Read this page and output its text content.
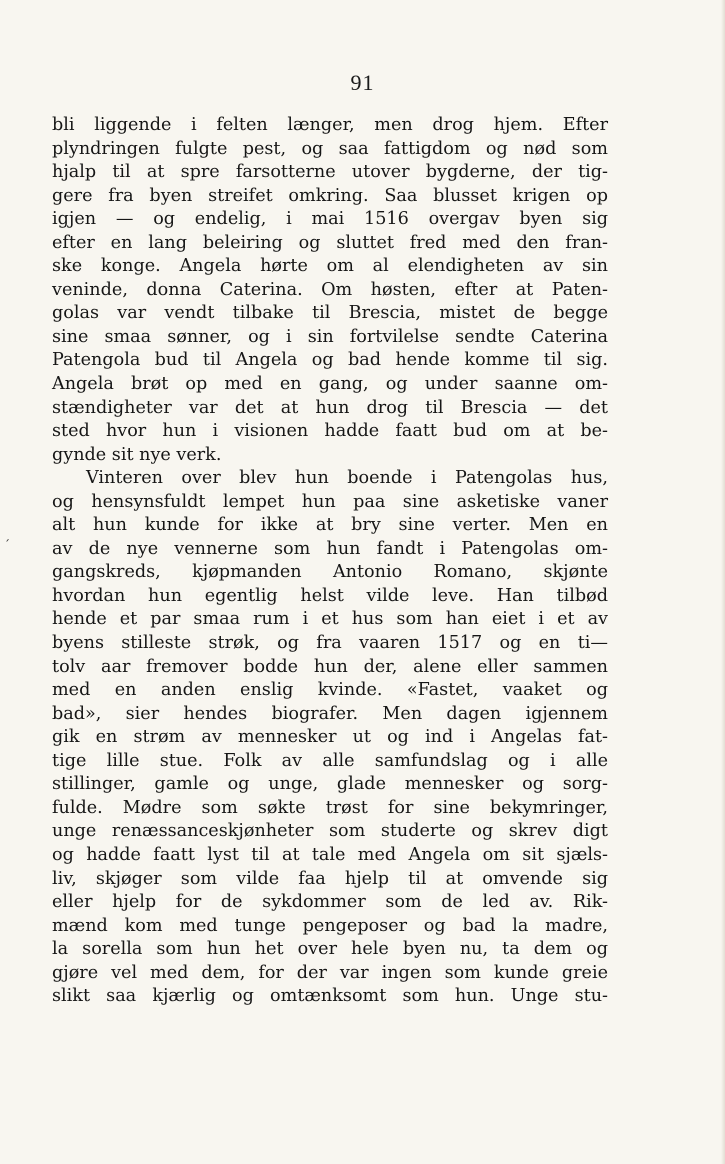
91
ˊ
bli liggende i felten længer, men drog hjem. Efter
plyndringen fulgte pest, og saa fattigdom og nød som
hjalp til at spre farsotterne utover bygderne, der tig-
gere fra byen streifet omkring. Saa blusset krigen op
igjen — og endelig, i mai 1516 overgav byen sig
efter en lang beleiring og sluttet fred med den fran-
ske konge. Angela hørte om al elendigheten av sin
veninde, donna Caterina. Om høsten, efter at Paten-
golas var vendt tilbake til Brescia, mistet de begge
sine smaa sønner, og i sin fortvilelse sendte Caterina
Patengola bud til Angela og bad hende komme til sig.
Angela brøt op med en gang, og under saanne om-
stændigheter var det at hun drog til Brescia — det
sted hvor hun i visionen hadde faatt bud om at be-
gynde sit nye verk.
Vinteren over blev hun boende i Patengolas hus,
og hensynsfuldt lempet hun paa sine asketiske vaner
alt hun kunde for ikke at bry sine verter. Men en
av de nye vennerne som hun fandt i Patengolas om-
gangskreds, kjøpmanden Antonio Romano, skjønte
hvordan hun egentlig helst vilde leve. Han tilbød
hende et par smaa rum i et hus som han eiet i et av
byens stilleste strøk, og fra vaaren 1517 og en ti—
tolv aar fremover bodde hun der, alene eller sammen
med en anden enslig kvinde. «Fastet, vaaket og
bad», sier hendes biografer. Men dagen igjennem
gik en strøm av mennesker ut og ind i Angelas fat-
tige lille stue. Folk av alle samfundslag og i alle
stillinger, gamle og unge, glade mennesker og sorg-
fulde. Mødre som søkte trøst for sine bekymringer,
unge renæssanceskjønheter som studerte og skrev digt
og hadde faatt lyst til at tale med Angela om sit sjæls-
liv, skjøger som vilde faa hjelp til at omvende sig
eller hjelp for de sykdommer som de led av. Rik-
mænd kom med tunge pengeposer og bad la madre,
la sorella som hun het over hele byen nu, ta dem og
gjøre vel med dem, for der var ingen som kunde greie
slikt saa kjærlig og omtænksomt som hun. Unge stu-
